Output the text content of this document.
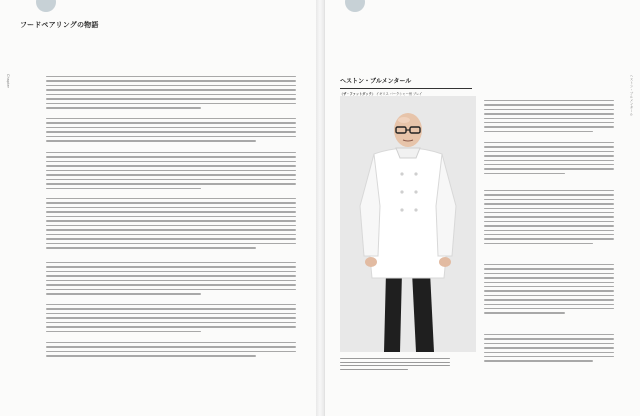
フードペアリングの物語
Chapter	ヘストン・ブルメンタール
ヘストン・ブルメンタール
〈ザ・ファットダック〉 イギリス バークシャー州 ブレイ
